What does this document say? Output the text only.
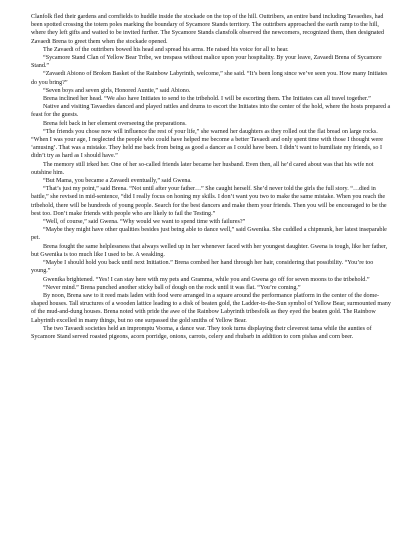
Clanfolk fled their gardens and cornfields to huddle inside the stockade on the top of the hill. Outtribers, an entire band including Tavaedies, had been spotted crossing the totem poles marking the boundary of Sycamore Stands territory. The outtribers approached the earth ramp to the hill, where they left gifts and waited to be invited further. The Sycamore Stands clansfolk observed the newcomers, recognized them, then designated Zavaedi Brena to greet them when the stockade opened.

The Zavaedi of the outtribers bowed his head and spread his arms. He raised his voice for all to hear.

“Sycamore Stand Clan of Yellow Bear Tribe, we trespass without malice upon your hospitality. By your leave, Zavaedi Brena of Sycamore Stand.”

“Zavaedi Abiono of Broken Basket of the Rainbow Labyrinth, welcome,” she said. “It’s been long since we’ve seen you. How many Initiates do you bring?”

“Seven boys and seven girls, Honored Auntie,” said Abiono.

Brena inclined her head. “We also have Initiates to send to the tribehold. I will be escorting them. The Initiates can all travel together.”

Native and visiting Tavaedies danced and played rattles and drums to escort the Initiates into the center of the hold, where the hosts prepared a feast for the guests.

Brena felt back in her element overseeing the preparations.

“The friends you chose now will influence the rest of your life,” she warned her daughters as they rolled out the flat bread on large rocks. “When I was your age, I neglected the people who could have helped me become a better Tavaedi and only spent time with those I thought were ‘amusing’. That was a mistake. They held me back from being as good a dancer as I could have been. I didn’t want to humiliate my friends, so I didn’t try as hard as I should have.”

The memory still irked her. One of her so-called friends later became her husband. Even then, all he’d cared about was that his wife not outshine him.

“But Mama, you became a Zavaedi eventually,” said Gwena.

“That’s just my point,” said Brena. “Not until after your father…” She caught herself. She’d never told the girls the full story. “…died in battle,” she revised in mid-sentence, “did I really focus on honing my skills. I don’t want you two to make the same mistake. When you reach the tribehold, there will be hundreds of young people. Search for the best dancers and make them your friends. Then you will be encouraged to be the best too. Don’t make friends with people who are likely to fail the Testing.”

“Well, of course,” said Gwena. “Why would we want to spend time with failures?”

“Maybe they might have other qualities besides just being able to dance well,” said Gwenika. She cuddled a chipmunk, her latest inseparable pet.

Brena fought the same helplessness that always welled up in her whenever faced with her youngest daughter. Gwena is tough, like her father, but Gwenika is too much like I used to be. A weakling.

“Maybe I should hold you back until next Initiation.” Brena combed her hand through her hair, considering that possibility. “You’re too young.”

Gwenika brightened. “Yes! I can stay here with my pets and Gramma, while you and Gwena go off for seven moons to the tribehold.”

“Never mind.” Brena punched another sticky ball of dough on the rock until it was flat. “You’re coming.”

By noon, Brena saw to it reed mats laden with food were arranged in a square around the performance platform in the center of the dome-shaped houses. Tall structures of a wooden lattice leading to a disk of beaten gold, the Ladder-to-the-Sun symbol of Yellow Bear, surmounted many of the mud-and-dung houses. Brena noted with pride the awe of the Rainbow Labyrinth tribesfolk as they eyed the beaten gold. The Rainbow Labyrinth excelled in many things, but no one surpassed the gold smiths of Yellow Bear.

The two Tavaedi societies held an impromptu Vooma, a dance war. They took turns displaying their cleverest tama while the aunties of Sycamore Stand served roasted pigeons, acorn porridge, onions, carrots, celery and rhubarb in addition to corn pishas and corn beer.
